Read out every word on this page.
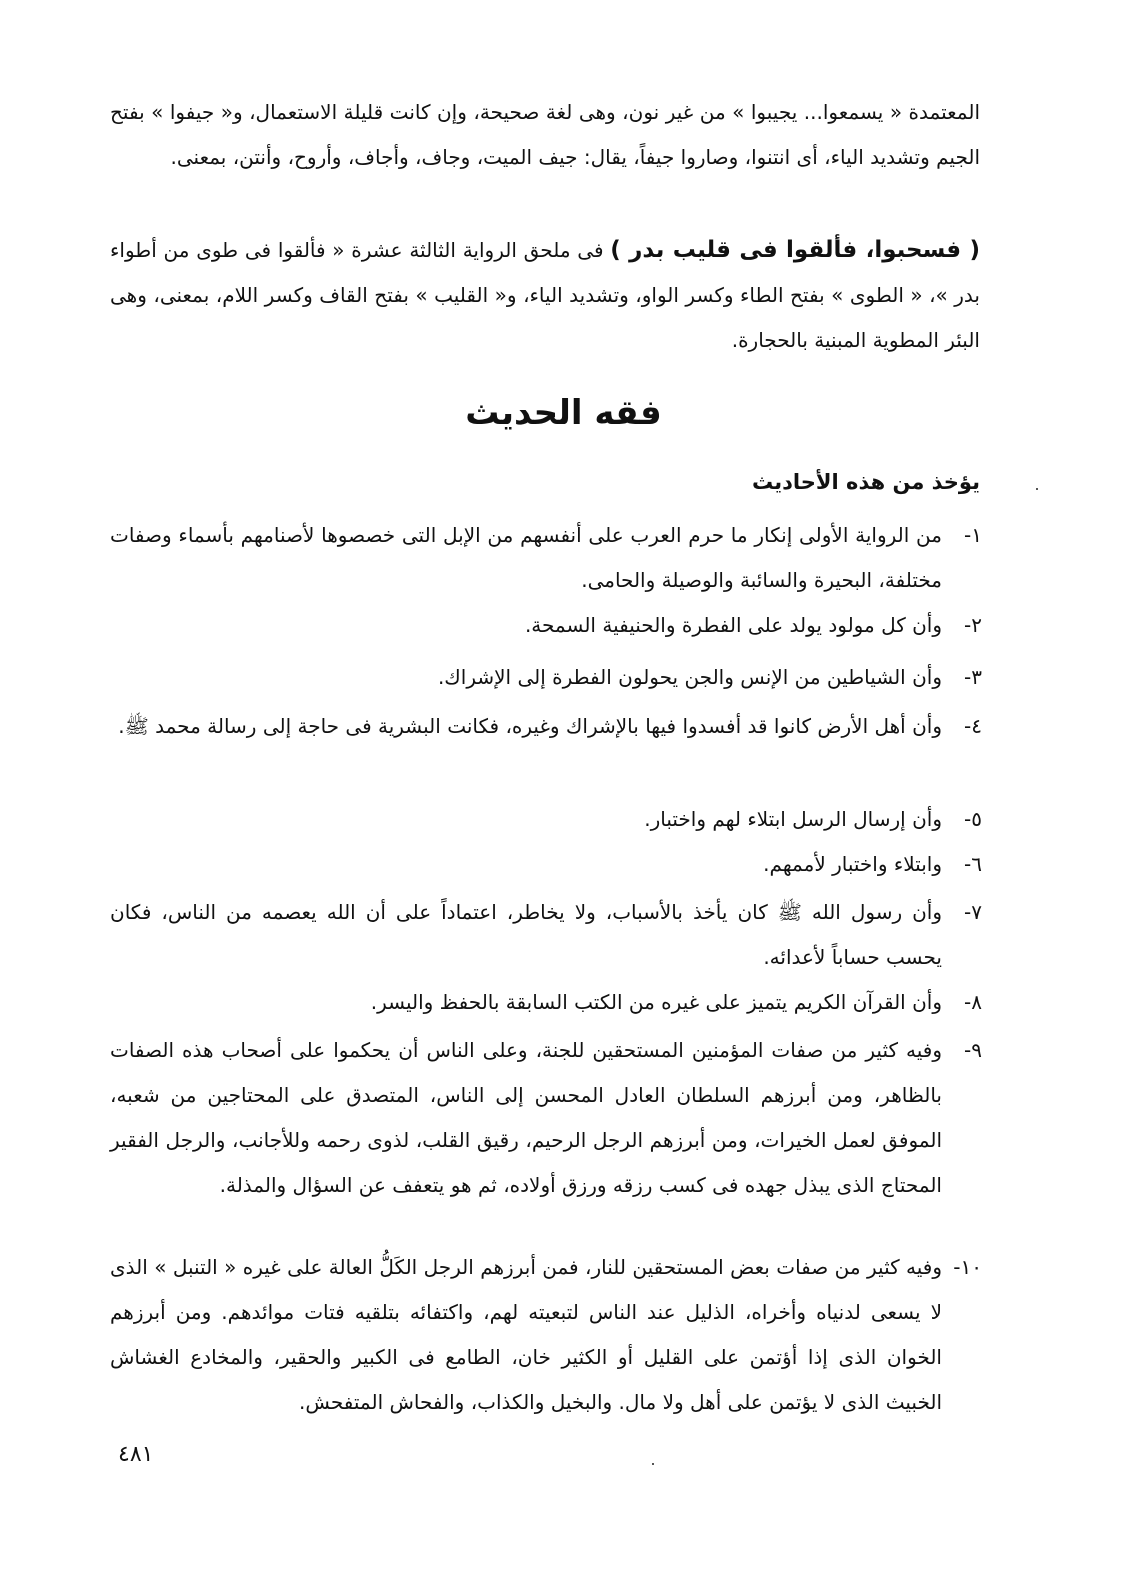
المعتمدة « يسمعوا... يجيبوا » من غير نون، وهى لغة صحيحة، وإن كانت قليلة الاستعمال، و« جيفوا » بفتح الجيم وتشديد الياء، أى انتنوا، وصاروا جيفاً، يقال: جيف الميت، وجاف، وأجاف، وأروح، وأنتن، بمعنى.

( فسحبوا، فألقوا فى قليب بدر ) فى ملحق الرواية الثالثة عشرة « فألقوا فى طوى من أطواء بدر »، « الطوى » بفتح الطاء وكسر الواو، وتشديد الياء، و« القليب » بفتح القاف وكسر اللام، بمعنى، وهى البئر المطوية المبنية بالحجارة.

فقه الحديث
يؤخذ من هذه الأحاديث
١-
من الرواية الأولى إنكار ما حرم العرب على أنفسهم من الإبل التى خصصوها لأصنامهم بأسماء وصفات مختلفة، البحيرة والسائبة والوصيلة والحامى.
٢-
وأن كل مولود يولد على الفطرة والحنيفية السمحة.
٣-
وأن الشياطين من الإنس والجن يحولون الفطرة إلى الإشراك.
٤-
وأن أهل الأرض كانوا قد أفسدوا فيها بالإشراك وغيره، فكانت البشرية فى حاجة إلى رسالة محمد ﷺ.
٥-
وأن إرسال الرسل ابتلاء لهم واختبار.
٦-
وابتلاء واختبار لأممهم.
٧-
وأن رسول الله ﷺ كان يأخذ بالأسباب، ولا يخاطر، اعتماداً على أن الله يعصمه من الناس، فكان يحسب حساباً لأعدائه.
٨-
وأن القرآن الكريم يتميز على غيره من الكتب السابقة بالحفظ واليسر.
٩-
وفيه كثير من صفات المؤمنين المستحقين للجنة، وعلى الناس أن يحكموا على أصحاب هذه الصفات بالظاهر، ومن أبرزهم السلطان العادل المحسن إلى الناس، المتصدق على المحتاجين من شعبه، الموفق لعمل الخيرات، ومن أبرزهم الرجل الرحيم، رقيق القلب، لذوى رحمه وللأجانب، والرجل الفقير المحتاج الذى يبذل جهده فى كسب رزقه ورزق أولاده، ثم هو يتعفف عن السؤال والمذلة.
١٠-
وفيه كثير من صفات بعض المستحقين للنار، فمن أبرزهم الرجل الكَلُّ العالة على غيره « التنبل » الذى لا يسعى لدنياه وأخراه، الذليل عند الناس لتبعيته لهم، واكتفائه بتلقيه فتات موائدهم. ومن أبرزهم الخوان الذى إذا أؤتمن على القليل أو الكثير خان، الطامع فى الكبير والحقير، والمخادع الغشاش الخبيث الذى لا يؤتمن على أهل ولا مال. والبخيل والكذاب، والفحاش المتفحش.
٤٨١
